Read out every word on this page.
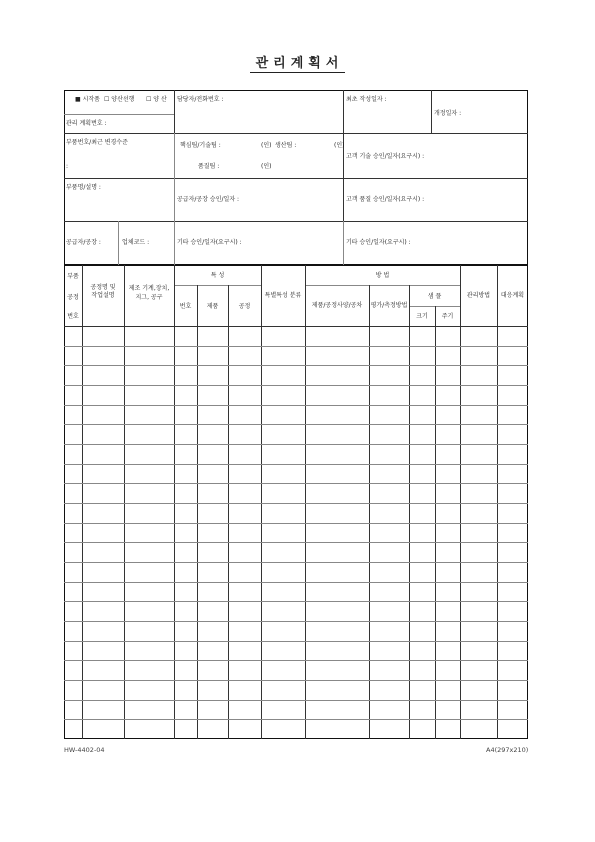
관리계획서
■ 시작품 ☐ 양산선행 ☐ 양 산 담당자/전화번호 :	최초 작성일자 :
개정일자 :
관리 계획번호 :
부품번호/최근 변경수준
:
핵심팀/기술팀 :	(인) 생산팀 :	(인)
품질팀 :	(인)
고객 기술 승인/일자(요구시) :
부품명/설명 :
공급자/공장 승인/일자 :	고객 품질 승인/일자(요구시) :
공급자/공장 :	업체코드 :	기타 승인/일자(요구시) :	기타 승인/일자(요구시) :
부품
공정
번호
공정명 및
작업설명
제조 기계,장치,
지그, 공구
특 성
번호	제품	공정
특별특성 분류
방 법
제품/공정사양/공차	평가/측정방법
샘 플
크기	주기
관리방법	대응계획
HW-4402-04	A4(297x210)
